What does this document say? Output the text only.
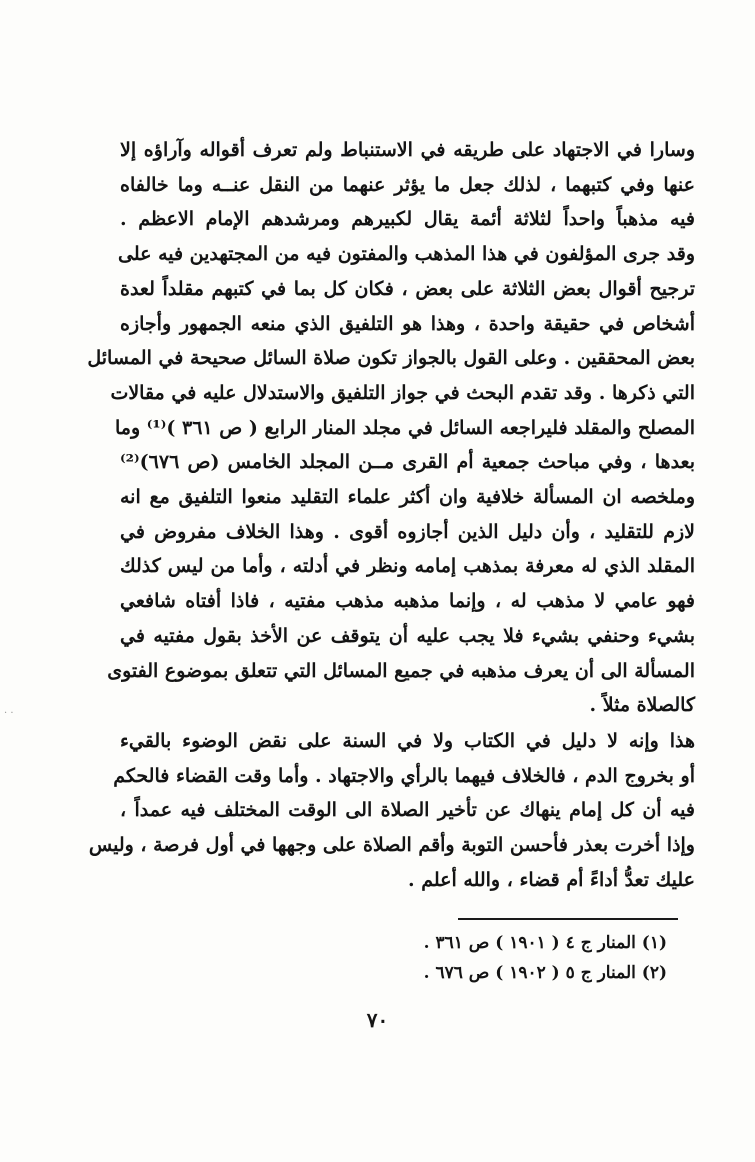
· ·
وسارا في الاجتهاد على طريقه في الاستنباط ولم تعرف أقواله وآراؤه إلا
عنها وفي كتبهما ، لذلك جعل ما يؤثر عنهما من النقل عنــه وما خالفاه
فيه مذهباً واحداً لثلاثة أئمة يقال لكبيرهم ومرشدهم الإمام الاعظم .
وقد جرى المؤلفون في هذا المذهب والمفتون فيه من المجتهدين فيه على
ترجيح أقوال بعض الثلاثة على بعض ، فكان كل بما في كتبهم مقلداً لعدة
أشخاص في حقيقة واحدة ، وهذا هو التلفيق الذي منعه الجمهور وأجازه
بعض المحققين . وعلى القول بالجواز تكون صلاة السائل صحيحة في المسائل
التي ذكرها . وقد تقدم البحث في جواز التلفيق والاستدلال عليه في مقالات
المصلح والمقلد فليراجعه السائل في مجلد المنار الرابع ( ص ٣٦١ )⁽¹⁾ وما
بعدها ، وفي مباحث جمعية أم القرى مــن المجلد الخامس (ص ٦٧٦)⁽²⁾
وملخصه ان المسألة خلافية وان أكثر علماء التقليد منعوا التلفيق مع انه
لازم للتقليد ، وأن دليل الذين أجازوه أقوى . وهذا الخلاف مفروض في
المقلد الذي له معرفة بمذهب إمامه ونظر في أدلته ، وأما من ليس كذلك
فهو عامي لا مذهب له ، وإنما مذهبه مذهب مفتيه ، فاذا أفتاه شافعي
بشيء وحنفي بشيء فلا يجب عليه أن يتوقف عن الأخذ بقول مفتيه في
المسألة الى أن يعرف مذهبه في جميع المسائل التي تتعلق بموضوع الفتوى
كالصلاة مثلاً .
هذا وإنه لا دليل في الكتاب ولا في السنة على نقض الوضوء بالقيء
أو بخروج الدم ، فالخلاف فيهما بالرأي والاجتهاد . وأما وقت القضاء فالحكم
فيه أن كل إمام ينهاك عن تأخير الصلاة الى الوقت المختلف فيه عمداً ،
وإذا أخرت بعذر فأحسن التوبة وأقم الصلاة على وجهها في أول فرصة ، وليس
عليك تعدُّ أداءً أم قضاء ، والله أعلم .
(١) المنار ج ٤ ( ١٩٠١ ) ص ٣٦١ .
(٢) المنار ج ٥ ( ١٩٠٢ ) ص ٦٧٦ .
٧٠
